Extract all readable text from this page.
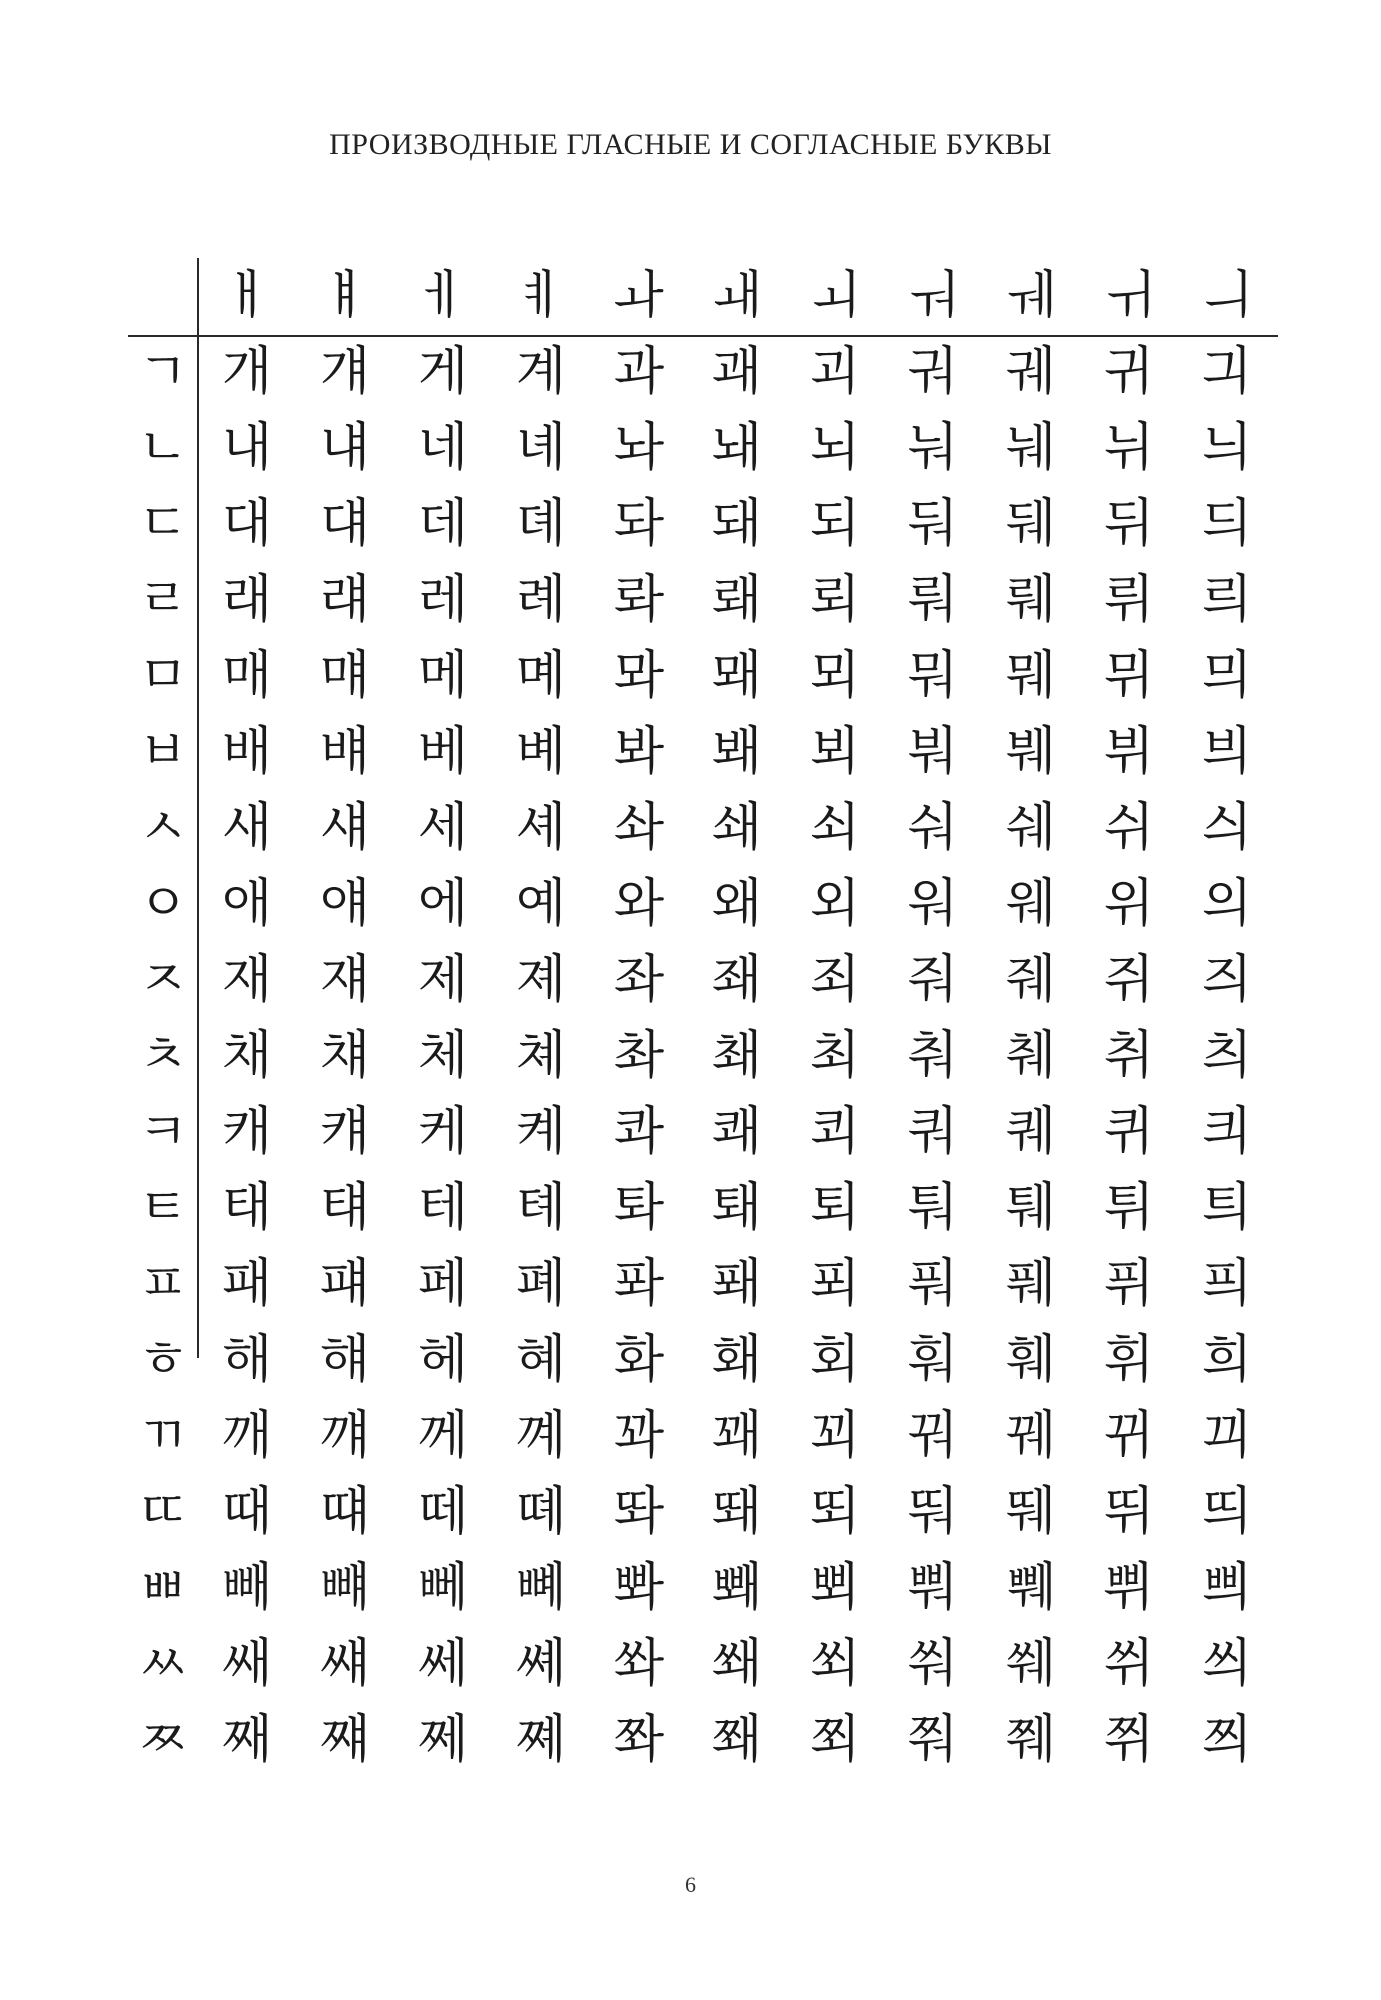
ПРОИЗВОДНЫЕ ГЛАСНЫЕ И СОГЛАСНЫЕ БУКВЫ
	ㅐ	ㅒ	ㅔ	ㅖ	ㅘ	ㅙ	ㅚ	ㅝ	ㅞ	ㅟ	ㅢ
ㄱ	개	걔	게	계	과	괘	괴	궈	궤	귀	긔
ㄴ	내	냬	네	녜	놔	놰	뇌	눠	눼	뉘	늬
ㄷ	대	댸	데	뎨	돠	돼	되	둬	뒈	뒤	듸
ㄹ	래	럐	레	례	롸	뢔	뢰	뤄	뤠	뤼	릐
ㅁ	매	먜	메	몌	뫄	뫠	뫼	뭐	뭬	뮈	믜
ㅂ	배	뱨	베	볘	봐	봬	뵈	붜	붸	뷔	븨
ㅅ	새	섀	세	셰	솨	쇄	쇠	숴	쉐	쉬	싀
ㅇ	애	얘	에	예	와	왜	외	워	웨	위	의
ㅈ	재	쟤	제	졔	좌	좨	죄	줘	줴	쥐	즤
ㅊ	채	챼	체	쳬	촤	쵀	최	춰	췌	취	츼
ㅋ	캐	컈	케	켸	콰	쾌	쾨	쿼	퀘	퀴	킈
ㅌ	태	턔	테	톄	톼	퇘	퇴	퉈	퉤	튀	틔
ㅍ	패	퍠	페	폐	퐈	퐤	푀	풔	풰	퓌	픠
ㅎ	해	햬	헤	혜	화	홰	회	훠	훼	휘	희
ㄲ	깨	꺠	께	꼐	꽈	꽤	꾀	꿔	꿰	뀌	끠
ㄸ	때	떄	떼	뗴	똬	뙈	뙤	뚸	뛔	뛰	띄
ㅃ	빼	뺴	뻬	뼤	뽜	뽸	뾔	뿨	쀄	쀠	쁴
ㅆ	쌔	썌	쎄	쎼	쏴	쐐	쐬	쒀	쒜	쒸	씌
ㅉ	째	쨰	쩨	쪠	쫘	쫴	쬐	쭤	쮀	쮜	쯰
6
